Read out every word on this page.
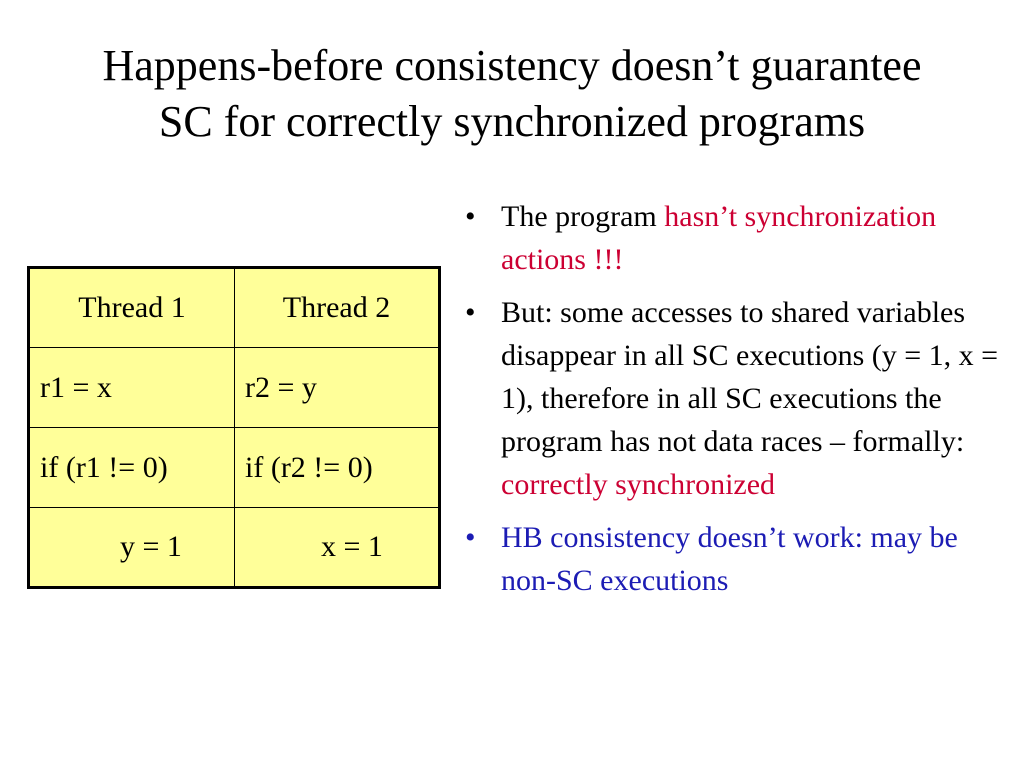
Happens-before consistency doesn’t guarantee
SC for correctly synchronized programs
Thread 1	Thread 2
r1 = x	r2 = y
if (r1 != 0)	if (r2 != 0)
y = 1	x = 1
• The program hasn’t synchronization actions !!!
• But: some accesses to shared variables disappear in all SC executions (y = 1, x = 1), therefore in all SC executions the program has not data races – formally:
correctly synchronized
• HB consistency doesn’t work: may be non-SC executions
